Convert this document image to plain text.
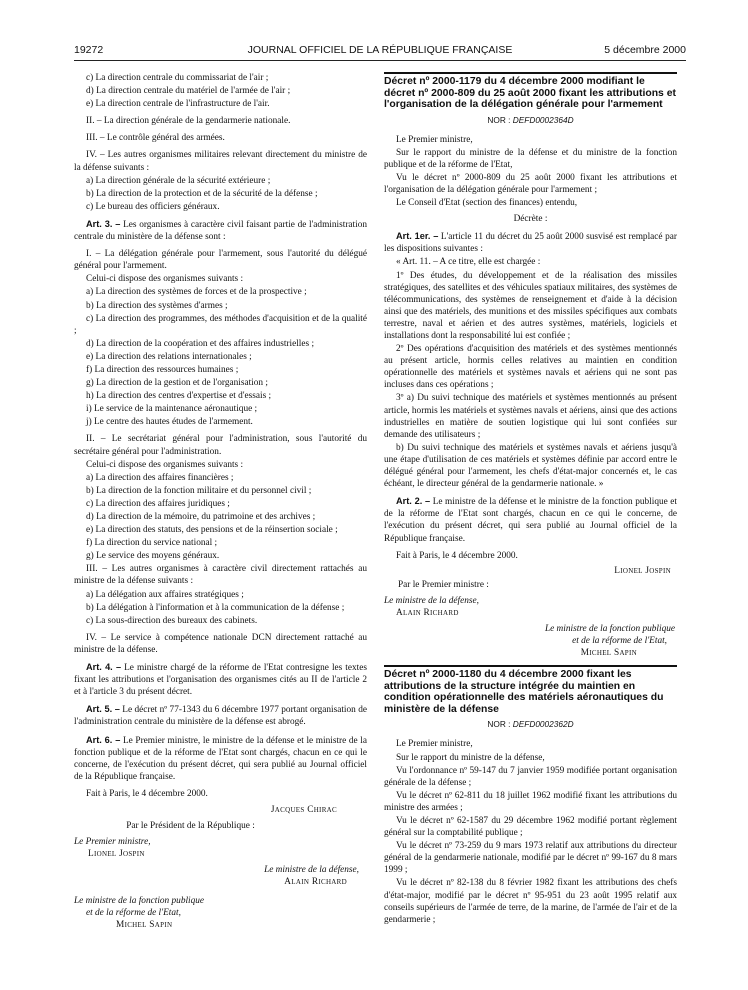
19272	JOURNAL OFFICIEL DE LA RÉPUBLIQUE FRANÇAISE	5 décembre 2000

c) La direction centrale du commissariat de l'air ;

d) La direction centrale du matériel de l'armée de l'air ;

e) La direction centrale de l'infrastructure de l'air.

II. – La direction générale de la gendarmerie nationale.

III. – Le contrôle général des armées.

IV. – Les autres organismes militaires relevant directement du ministre de la défense suivants :

a) La direction générale de la sécurité extérieure ;

b) La direction de la protection et de la sécurité de la défense ;

c) Le bureau des officiers généraux.

Art. 3. – Les organismes à caractère civil faisant partie de l'administration centrale du ministère de la défense sont :

I. – La délégation générale pour l'armement, sous l'autorité du délégué général pour l'armement.

Celui-ci dispose des organismes suivants :

a) La direction des systèmes de forces et de la prospective ;

b) La direction des systèmes d'armes ;

c) La direction des programmes, des méthodes d'acquisition et de la qualité ;

d) La direction de la coopération et des affaires industrielles ;

e) La direction des relations internationales ;

f) La direction des ressources humaines ;

g) La direction de la gestion et de l'organisation ;

h) La direction des centres d'expertise et d'essais ;

i) Le service de la maintenance aéronautique ;

j) Le centre des hautes études de l'armement.

II. – Le secrétariat général pour l'administration, sous l'autorité du secrétaire général pour l'administration.

Celui-ci dispose des organismes suivants :

a) La direction des affaires financières ;

b) La direction de la fonction militaire et du personnel civil ;

c) La direction des affaires juridiques ;

d) La direction de la mémoire, du patrimoine et des archives ;

e) La direction des statuts, des pensions et de la réinsertion sociale ;

f) La direction du service national ;

g) Le service des moyens généraux.

III. – Les autres organismes à caractère civil directement rattachés au ministre de la défense suivants :

a) La délégation aux affaires stratégiques ;

b) La délégation à l'information et à la communication de la défense ;

c) La sous-direction des bureaux des cabinets.

IV. – Le service à compétence nationale DCN directement rattaché au ministre de la défense.

Art. 4. – Le ministre chargé de la réforme de l'Etat contresigne les textes fixant les attributions et l'organisation des organismes cités au II de l'article 2 et à l'article 3 du présent décret.

Art. 5. – Le décret nº 77-1343 du 6 décembre 1977 portant organisation de l'administration centrale du ministère de la défense est abrogé.

Art. 6. – Le Premier ministre, le ministre de la défense et le ministre de la fonction publique et de la réforme de l'Etat sont chargés, chacun en ce qui le concerne, de l'exécution du présent décret, qui sera publié au Journal officiel de la République française.

Fait à Paris, le 4 décembre 2000.

Jacques Chirac

Par le Président de la République :

Le Premier ministre,

Lionel Jospin

Le ministre de la défense,

Alain Richard

Le ministre de la fonction publique

et de la réforme de l'Etat,

Michel Sapin

Décret nº 2000-1179 du 4 décembre 2000 modifiant le décret nº 2000-809 du 25 août 2000 fixant les attributions et l'organisation de la délégation générale pour l'armement

NOR : DEFD0002364D

Le Premier ministre,

Sur le rapport du ministre de la défense et du ministre de la fonction publique et de la réforme de l'Etat,

Vu le décret nº 2000-809 du 25 août 2000 fixant les attributions et l'organisation de la délégation générale pour l'armement ;

Le Conseil d'Etat (section des finances) entendu,

Décrète :

Art. 1er. – L'article 11 du décret du 25 août 2000 susvisé est remplacé par les dispositions suivantes :

« Art. 11. – A ce titre, elle est chargée :

1º Des études, du développement et de la réalisation des missiles stratégiques, des satellites et des véhicules spatiaux militaires, des systèmes de télécommunications, des systèmes de renseignement et d'aide à la décision ainsi que des matériels, des munitions et des missiles spécifiques aux combats terrestre, naval et aérien et des autres systèmes, matériels, logiciels et installations dont la responsabilité lui est confiée ;

2º Des opérations d'acquisition des matériels et des systèmes mentionnés au présent article, hormis celles relatives au maintien en condition opérationnelle des matériels et systèmes navals et aériens qui ne sont pas incluses dans ces opérations ;

3º a) Du suivi technique des matériels et systèmes mentionnés au présent article, hormis les matériels et systèmes navals et aériens, ainsi que des actions industrielles en matière de soutien logistique qui lui sont confiées sur demande des utilisateurs ;

b) Du suivi technique des matériels et systèmes navals et aériens jusqu'à une étape d'utilisation de ces matériels et systèmes définie par accord entre le délégué général pour l'armement, les chefs d'état-major concernés et, le cas échéant, le directeur général de la gendarmerie nationale. »

Art. 2. – Le ministre de la défense et le ministre de la fonction publique et de la réforme de l'Etat sont chargés, chacun en ce qui le concerne, de l'exécution du présent décret, qui sera publié au Journal officiel de la République française.

Fait à Paris, le 4 décembre 2000.

Lionel Jospin

Par le Premier ministre :

Le ministre de la défense,

Alain Richard

Le ministre de la fonction publique

et de la réforme de l'Etat,

Michel Sapin

Décret nº 2000-1180 du 4 décembre 2000 fixant les attributions de la structure intégrée du maintien en condition opérationnelle des matériels aéronautiques du ministère de la défense

NOR : DEFD0002362D

Le Premier ministre,

Sur le rapport du ministre de la défense,

Vu l'ordonnance nº 59-147 du 7 janvier 1959 modifiée portant organisation générale de la défense ;

Vu le décret nº 62-811 du 18 juillet 1962 modifié fixant les attributions du ministre des armées ;

Vu le décret nº 62-1587 du 29 décembre 1962 modifié portant règlement général sur la comptabilité publique ;

Vu le décret nº 73-259 du 9 mars 1973 relatif aux attributions du directeur général de la gendarmerie nationale, modifié par le décret nº 99-167 du 8 mars 1999 ;

Vu le décret nº 82-138 du 8 février 1982 fixant les attributions des chefs d'état-major, modifié par le décret nº 95-951 du 23 août 1995 relatif aux conseils supérieurs de l'armée de terre, de la marine, de l'armée de l'air et de la gendarmerie ;
